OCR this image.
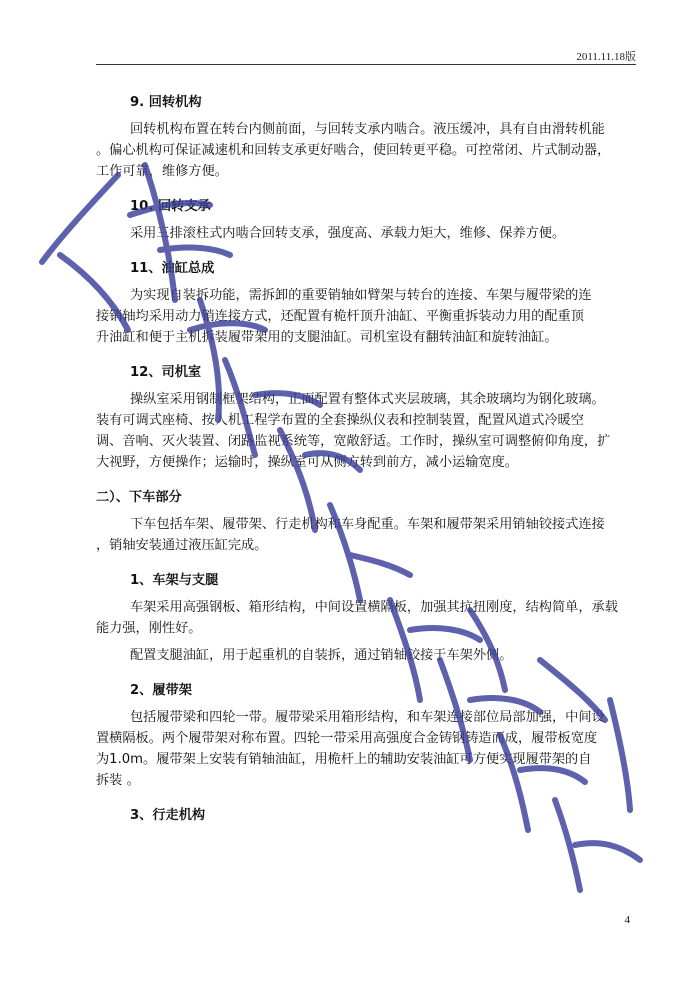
2011.11.18版
9. 回转机构
回转机构布置在转台内侧前面，与回转支承内啮合。液压缓冲，具有自由滑转机能
。偏心机构可保证减速机和回转支承更好啮合，使回转更平稳。可控常闭、片式制动器，
工作可靠，维修方便。
10. 回转支承
采用三排滚柱式内啮合回转支承，强度高、承载力矩大，维修、保养方便。
11、油缸总成
为实现自装拆功能，需拆卸的重要销轴如臂架与转台的连接、车架与履带梁的连
接销轴均采用动力销连接方式，还配置有桅杆顶升油缸、平衡重拆装动力用的配重顶
升油缸和便于主机拆装履带架用的支腿油缸。司机室设有翻转油缸和旋转油缸。
12、司机室
操纵室采用钢制框架结构，正面配置有整体式夹层玻璃，其余玻璃均为钢化玻璃。
装有可调式座椅、按人机工程学布置的全套操纵仪表和控制装置，配置风道式冷暖空
调、音响、灭火装置、闭路监视系统等，宽敞舒适。工作时，操纵室可调整俯仰角度，扩
大视野，方便操作；运输时，操纵室可从侧方转到前方，减小运输宽度。
二）、下车部分
下车包括车架、履带架、行走机构和车身配重。车架和履带架采用销轴铰接式连接
，销轴安装通过液压缸完成。
1、车架与支腿
车架采用高强钢板、箱形结构，中间设置横隔板，加强其抗扭刚度，结构简单，承载
能力强，刚性好。
配置支腿油缸，用于起重机的自装拆，通过销轴铰接于车架外侧。
2、履带架
包括履带梁和四轮一带。履带梁采用箱形结构，和车架连接部位局部加强，中间设
置横隔板。两个履带架对称布置。四轮一带采用高强度合金铸钢铸造而成，履带板宽度
为1.0m。履带架上安装有销轴油缸，用桅杆上的辅助安装油缸可方便实现履带架的自
拆装 。
3、行走机构
4
